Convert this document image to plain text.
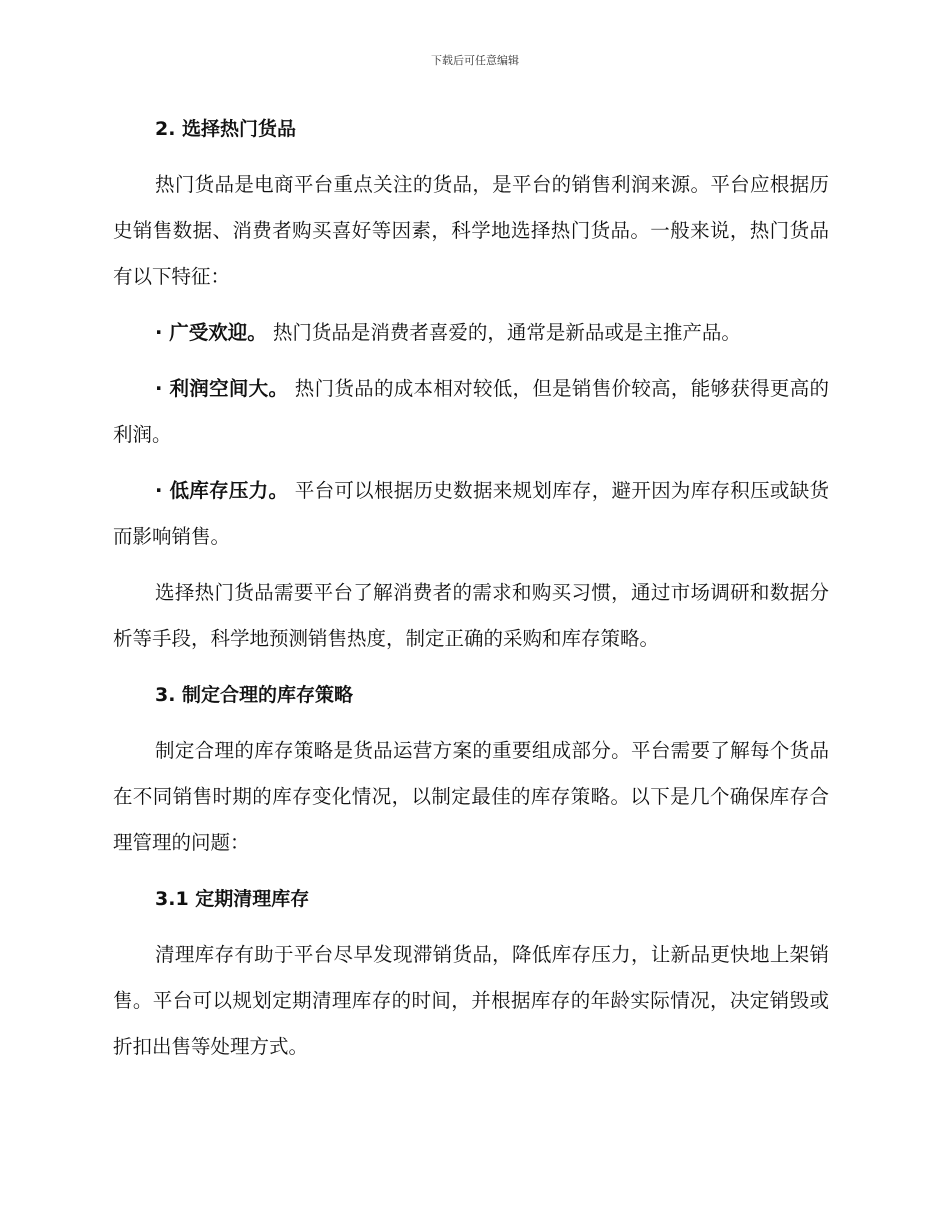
下载后可任意编辑
2. 选择热门货品

热门货品是电商平台重点关注的货品，是平台的销售利润来源。平台应根据历史销售数据、消费者购买喜好等因素，科学地选择热门货品。一般来说，热门货品有以下特征：

· 广受欢迎。 热门货品是消费者喜爱的，通常是新品或是主推产品。

· 利润空间大。 热门货品的成本相对较低，但是销售价较高，能够获得更高的利润。

· 低库存压力。 平台可以根据历史数据来规划库存，避开因为库存积压或缺货而影响销售。

选择热门货品需要平台了解消费者的需求和购买习惯，通过市场调研和数据分析等手段，科学地预测销售热度，制定正确的采购和库存策略。

3. 制定合理的库存策略

制定合理的库存策略是货品运营方案的重要组成部分。平台需要了解每个货品在不同销售时期的库存变化情况，以制定最佳的库存策略。以下是几个确保库存合理管理的问题：

3.1 定期清理库存

清理库存有助于平台尽早发现滞销货品，降低库存压力，让新品更快地上架销售。平台可以规划定期清理库存的时间，并根据库存的年龄实际情况，决定销毁或折扣出售等处理方式。
